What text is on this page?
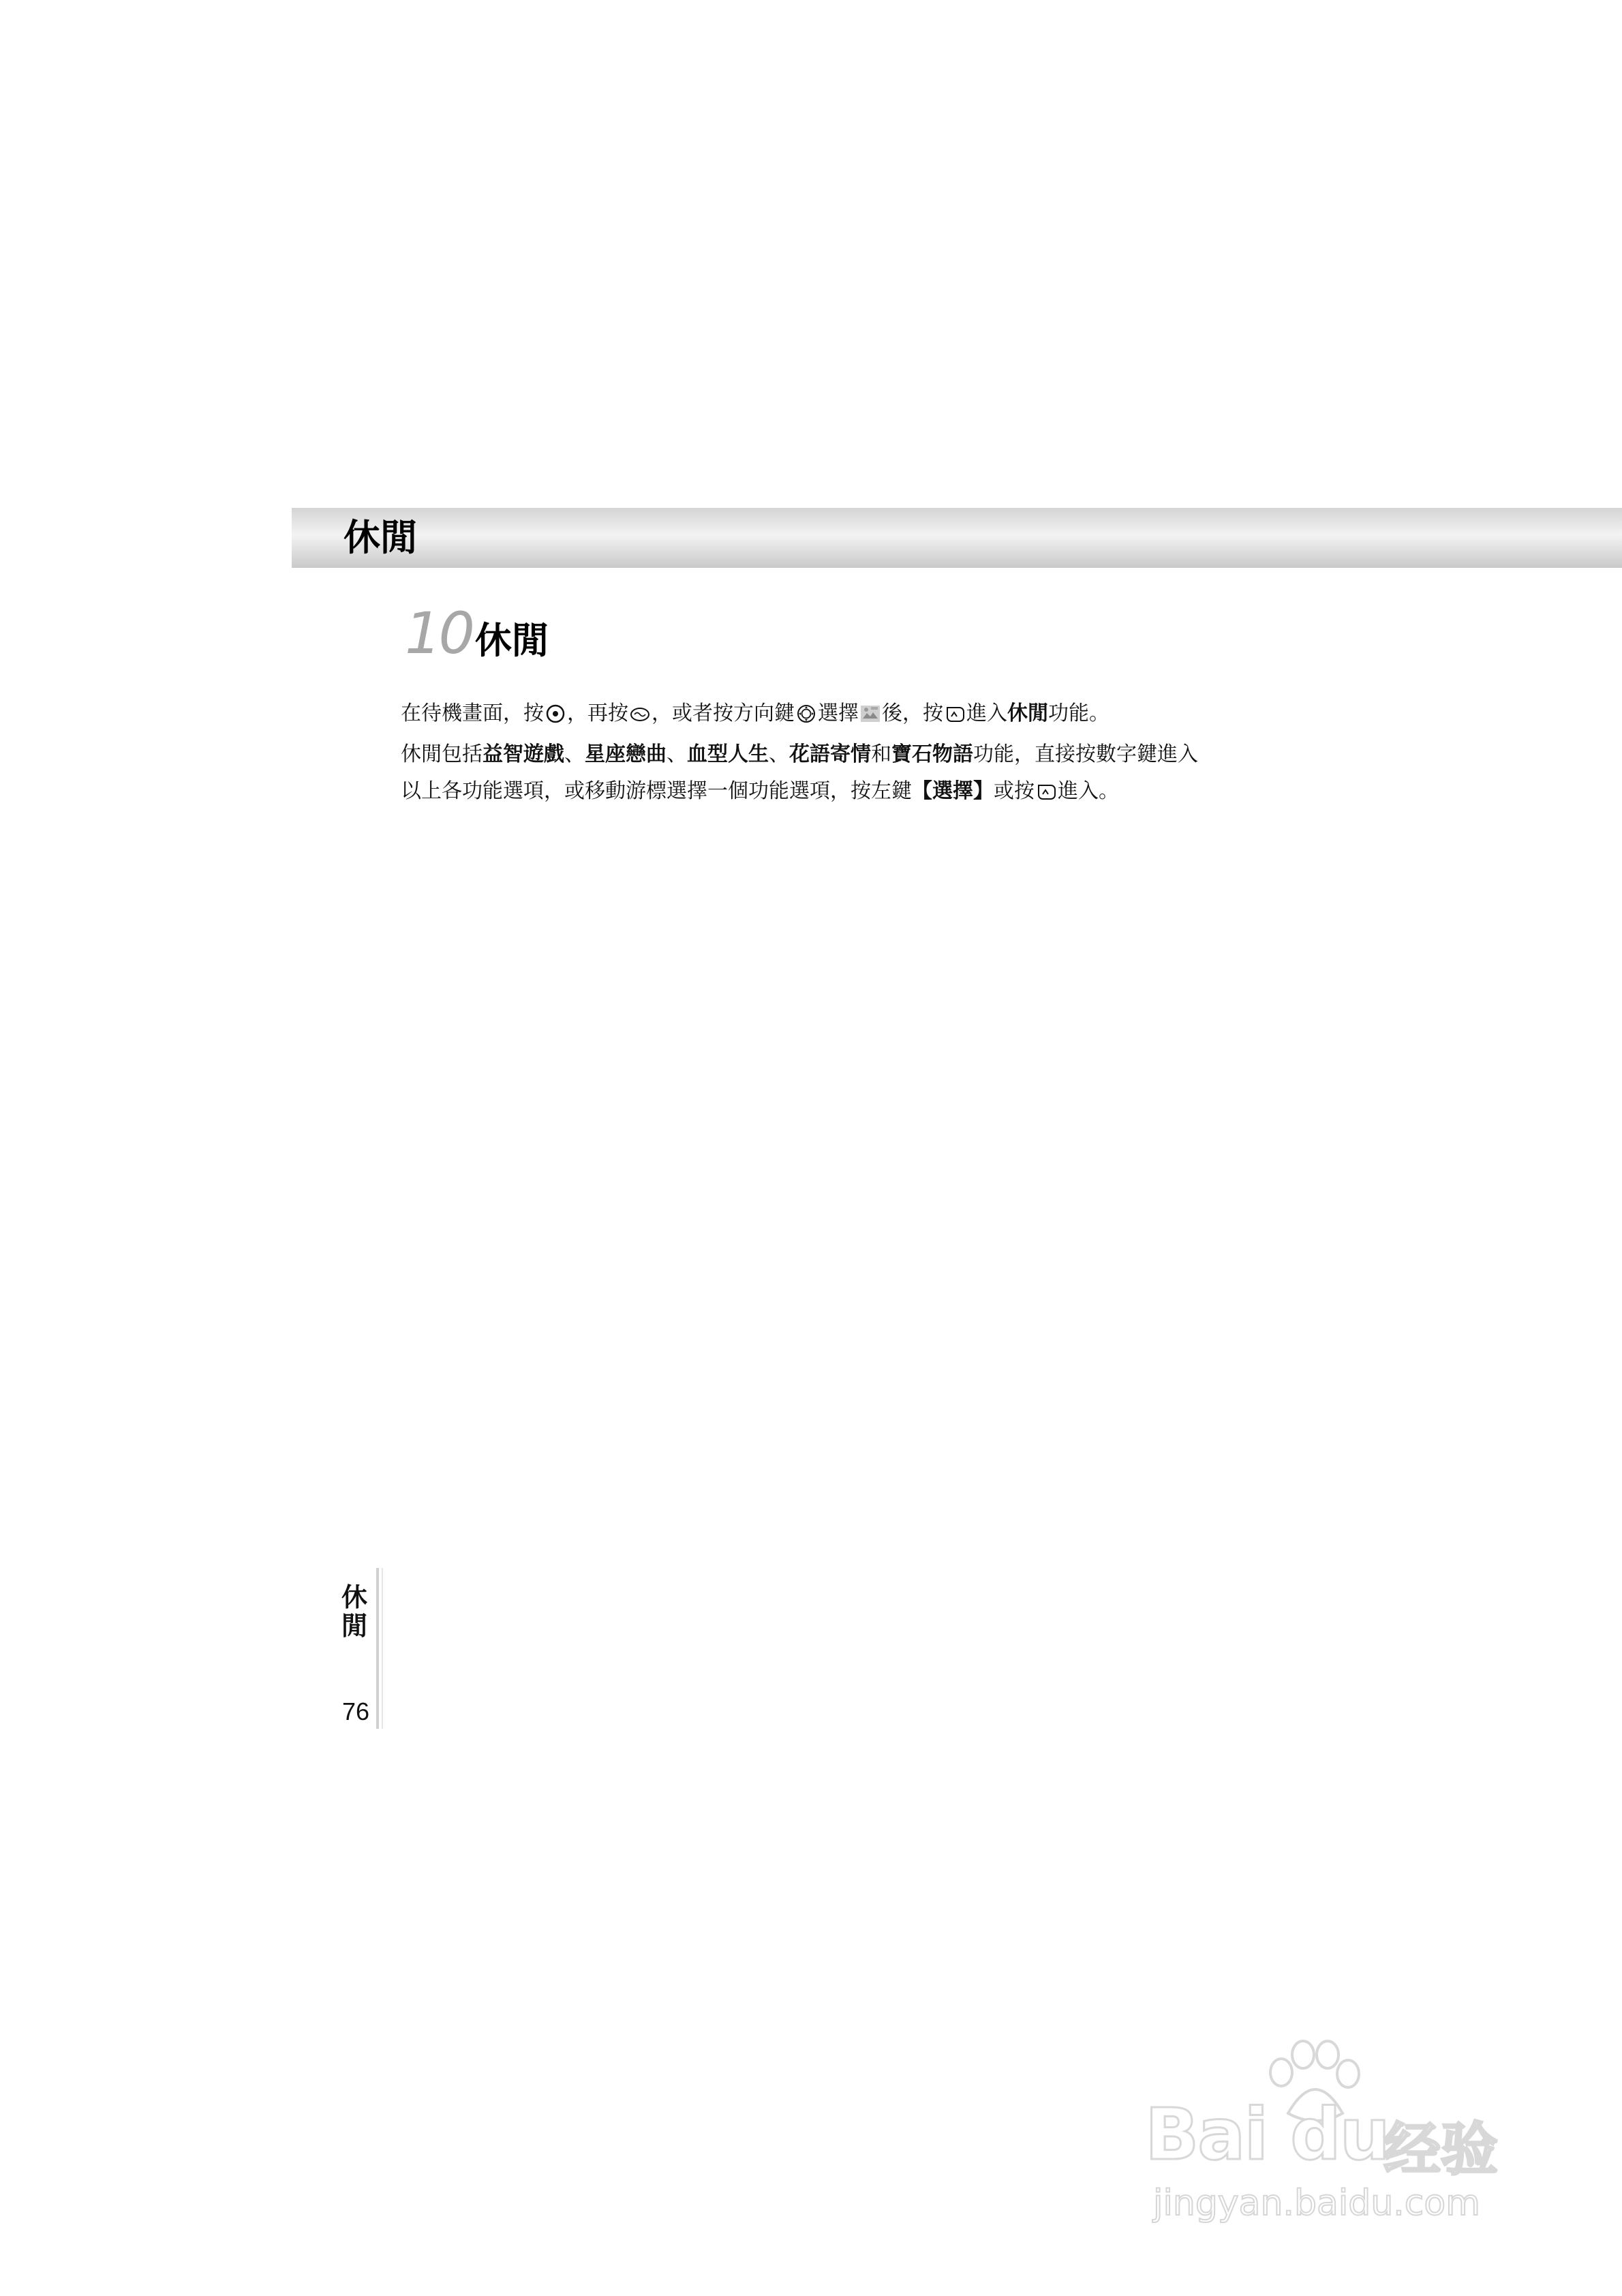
休閒
10休閒
在待機畫面，按 ，再按 ，或者按方向鍵 選擇 後，按 進入休閒功能。
休閒包括益智遊戲、星座戀曲、血型人生、花語寄情和寶石物語功能，直接按數字鍵進入
以上各功能選項，或移動游標選擇一個功能選項，按左鍵【選擇】或按 進入。
休
閒
76
Bai du
经验
jingyan.baidu.com
